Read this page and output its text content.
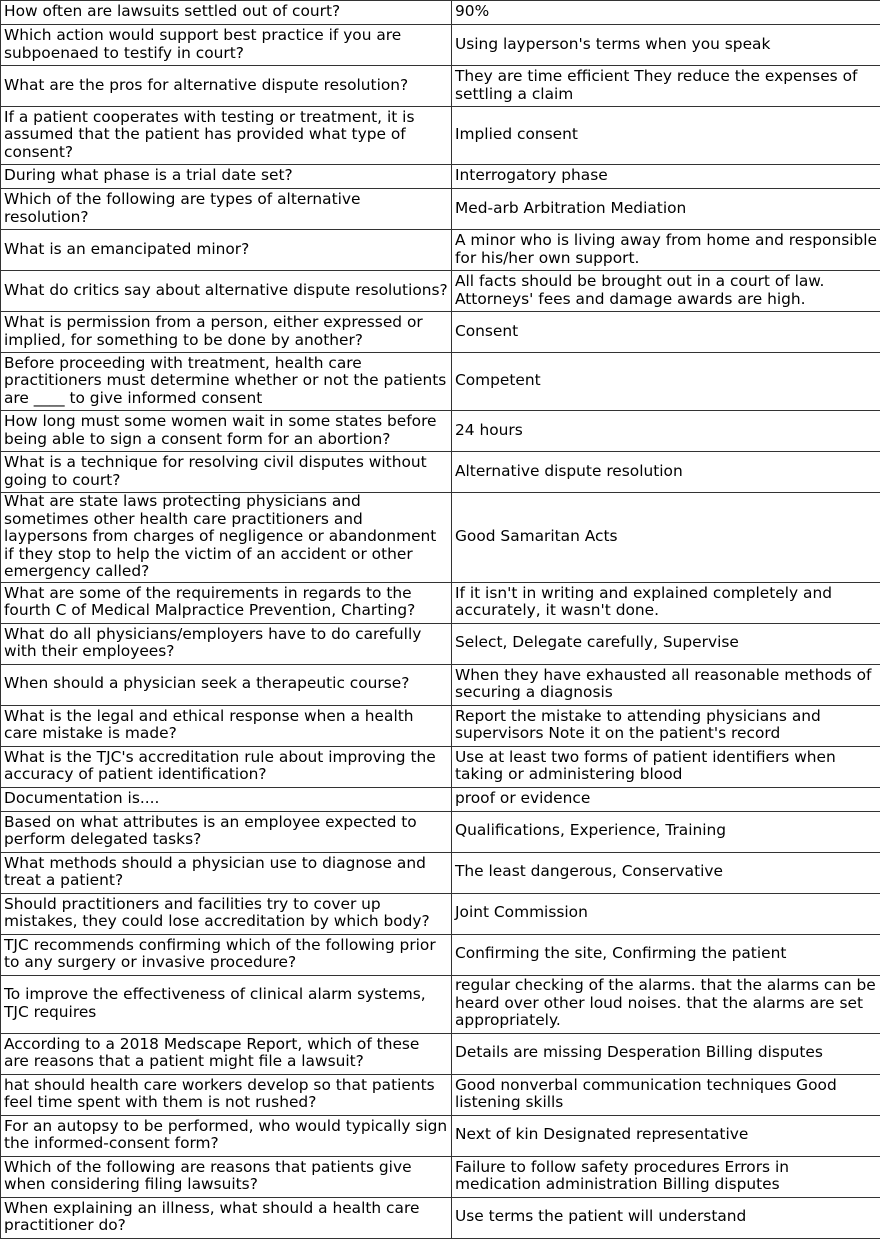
How often are lawsuits settled out of court?	90%
Which action would support best practice if you are subpoenaed to testify in court?	Using layperson's terms when you speak
What are the pros for alternative dispute resolution?	They are time efficient They reduce the expenses of settling a claim
If a patient cooperates with testing or treatment, it is assumed that the patient has provided what type of consent?	Implied consent
During what phase is a trial date set?	Interrogatory phase
Which of the following are types of alternative resolution?	Med-arb Arbitration Mediation
What is an emancipated minor?	A minor who is living away from home and responsible for his/her own support.
What do critics say about alternative dispute resolutions?	All facts should be brought out in a court of law. Attorneys' fees and damage awards are high.
What is permission from a person, either expressed or implied, for something to be done by another?	Consent
Before proceeding with treatment, health care practitioners must determine whether or not the patients are ____ to give informed consent	Competent
How long must some women wait in some states before being able to sign a consent form for an abortion?	24 hours
What is a technique for resolving civil disputes without going to court?	Alternative dispute resolution
What are state laws protecting physicians and sometimes other health care practitioners and laypersons from charges of negligence or abandonment if they stop to help the victim of an accident or other emergency called?	Good Samaritan Acts
What are some of the requirements in regards to the fourth C of Medical Malpractice Prevention, Charting?	If it isn't in writing and explained completely and accurately, it wasn't done.
What do all physicians/employers have to do carefully with their employees?	Select, Delegate carefully, Supervise
When should a physician seek a therapeutic course?	When they have exhausted all reasonable methods of securing a diagnosis
What is the legal and ethical response when a health care mistake is made?	Report the mistake to attending physicians and supervisors Note it on the patient's record
What is the TJC's accreditation rule about improving the accuracy of patient identification?	Use at least two forms of patient identifiers when taking or administering blood
Documentation is....	proof or evidence
Based on what attributes is an employee expected to perform delegated tasks?	Qualifications, Experience, Training
What methods should a physician use to diagnose and treat a patient?	The least dangerous, Conservative
Should practitioners and facilities try to cover up mistakes, they could lose accreditation by which body?	Joint Commission
TJC recommends confirming which of the following prior to any surgery or invasive procedure?	Confirming the site, Confirming the patient
To improve the effectiveness of clinical alarm systems, TJC requires	regular checking of the alarms. that the alarms can be heard over other loud noises. that the alarms are set appropriately.
According to a 2018 Medscape Report, which of these are reasons that a patient might file a lawsuit?	Details are missing Desperation Billing disputes
hat should health care workers develop so that patients feel time spent with them is not rushed?	Good nonverbal communication techniques Good listening skills
For an autopsy to be performed, who would typically sign the informed-consent form?	Next of kin Designated representative
Which of the following are reasons that patients give when considering filing lawsuits?	Failure to follow safety procedures Errors in medication administration Billing disputes
When explaining an illness, what should a health care practitioner do?	Use terms the patient will understand
